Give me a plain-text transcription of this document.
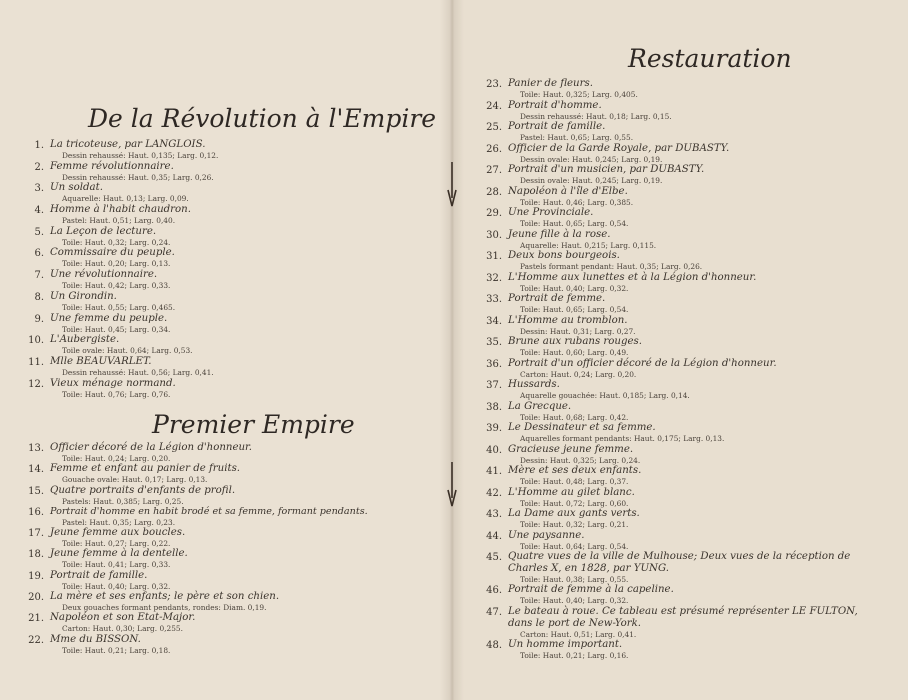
De la Révolution à l'Empire
1. La tricoteuse, par LANGLOIS.
Dessin rehaussé: Haut. 0,135; Larg. 0,12.
2. Femme révolutionnaire.
Dessin rehaussé: Haut. 0,35; Larg. 0,26.
3. Un soldat.
Aquarelle: Haut. 0,13; Larg. 0,09.
4. Homme à l'habit chaudron.
Pastel: Haut. 0,51; Larg. 0,40.
5. La Leçon de lecture.
Toile: Haut. 0,32; Larg. 0,24.
6. Commissaire du peuple.
Toile: Haut. 0,20; Larg. 0,13.
7. Une révolutionnaire.
Toile: Haut. 0,42; Larg. 0,33.
8. Un Girondin.
Toile: Haut. 0,55; Larg. 0,465.
9. Une femme du peuple.
Toile: Haut. 0,45; Larg. 0,34.
10. L'Aubergiste.
Toile ovale: Haut. 0,64; Larg. 0,53.
11. Mlle BEAUVARLET.
Dessin rehaussé: Haut. 0,56; Larg. 0,41.
12. Vieux ménage normand.
Toile: Haut. 0,76; Larg. 0,76.
Premier Empire
13. Officier décoré de la Légion d'honneur.
Toile: Haut. 0,24; Larg. 0,20.
14. Femme et enfant au panier de fruits.
Gouache ovale: Haut. 0,17; Larg. 0,13.
15. Quatre portraits d'enfants de profil.
Pastels: Haut. 0,385; Larg. 0,25.
16. Portrait d'homme en habit brodé et sa femme, formant pendants.
Pastel: Haut. 0,35; Larg. 0,23.
17. Jeune femme aux boucles.
Toile: Haut. 0,27; Larg. 0,22.
18. Jeune femme à la dentelle.
Toile: Haut. 0,41; Larg. 0,33.
19. Portrait de famille.
Toile: Haut. 0,40; Larg. 0,32.
20. La mère et ses enfants; le père et son chien.
Deux gouaches formant pendants, rondes: Diam. 0,19.
21. Napoléon et son Etat-Major.
Carton: Haut. 0,30; Larg. 0,255.
22. Mme du BISSON.
Toile: Haut. 0,21; Larg. 0,18.
Restauration
23. Panier de fleurs.
Toile: Haut. 0,325; Larg. 0,405.
24. Portrait d'homme.
Dessin rehaussé: Haut. 0,18; Larg. 0,15.
25. Portrait de famille.
Pastel: Haut. 0,65; Larg. 0,55.
26. Officier de la Garde Royale, par DUBASTY.
Dessin ovale: Haut. 0,245; Larg. 0,19.
27. Portrait d'un musicien, par DUBASTY.
Dessin ovale: Haut. 0,245; Larg. 0,19.
28. Napoléon à l'île d'Elbe.
Toile: Haut. 0,46; Larg. 0,385.
29. Une Provinciale.
Toile: Haut. 0,65; Larg. 0,54.
30. Jeune fille à la rose.
Aquarelle: Haut. 0,215; Larg. 0,115.
31. Deux bons bourgeois.
Pastels formant pendant: Haut. 0,35; Larg. 0,26.
32. L'Homme aux lunettes et à la Légion d'honneur.
Toile: Haut. 0,40; Larg. 0,32.
33. Portrait de femme.
Toile: Haut. 0,65; Larg. 0,54.
34. L'Homme au tromblon.
Dessin: Haut. 0,31; Larg. 0,27.
35. Brune aux rubans rouges.
Toile: Haut. 0,60; Larg. 0,49.
36. Portrait d'un officier décoré de la Légion d'honneur.
Carton: Haut. 0,24; Larg. 0,20.
37. Hussards.
Aquarelle gouachée: Haut. 0,185; Larg. 0,14.
38. La Grecque.
Toile: Haut. 0,68; Larg. 0,42.
39. Le Dessinateur et sa femme.
Aquarelles formant pendants: Haut. 0,175; Larg. 0,13.
40. Gracieuse jeune femme.
Dessin: Haut. 0,325; Larg. 0,24.
41. Mère et ses deux enfants.
Toile: Haut. 0,48; Larg. 0,37.
42. L'Homme au gilet blanc.
Toile: Haut. 0,72; Larg. 0,60.
43. La Dame aux gants verts.
Toile: Haut. 0,32; Larg. 0,21.
44. Une paysanne.
Toile: Haut. 0,64; Larg. 0,54.
45. Quatre vues de la ville de Mulhouse; Deux vues de la réception de Charles X, en 1828, par YUNG.
Toile: Haut. 0,38; Larg. 0,55.
46. Portrait de femme à la capeline.
Toile: Haut. 0,40; Larg. 0,32.
47. Le bateau à roue. Ce tableau est présumé représenter LE FULTON, dans le port de New-York.
Carton: Haut. 0,51; Larg. 0,41.
48. Un homme important.
Toile: Haut. 0,21; Larg. 0,16.
